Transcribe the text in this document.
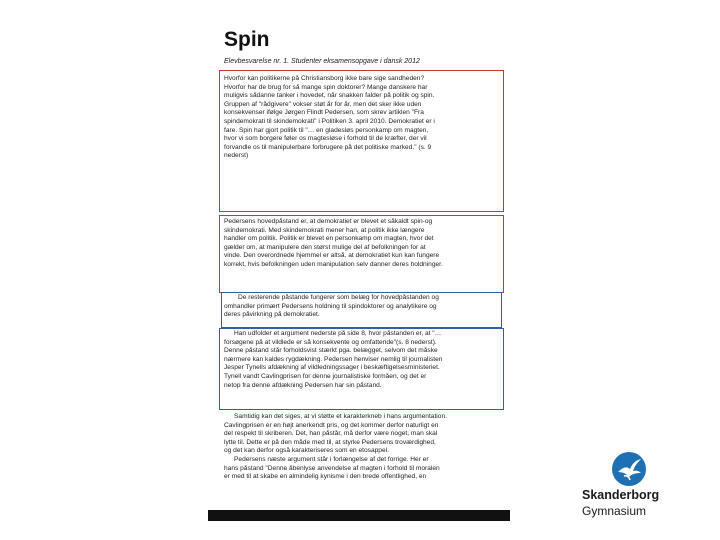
Spin
Elevbesvarelse nr. 1. Studenter eksamensopgave i dansk 2012
Hvorfor kan politikerne på Christiansborg ikke bare sige sandheden?
Hvorfor har de brug for så mange spin doktorer? Mange danskere har
muligvis sådanne tanker i hovedet, når snakken falder på politik og spin.
Gruppen af "rådgivere" vokser støt år for år, men det sker ikke uden
konsekvenser ifølge Jørgen Flindt Pedersen, som skrev artiklen "Fra
spindemokrati til skindemokrati" i Politiken 3. april 2010. Demokratiet er i
fare. Spin har gjort politik til "… en gladesløs personkamp om magten,
hvor vi som borgere føler os magtesløse i forhold til de kræfter, der vil
forvandle os til manipulerbare forbrugere på det politiske marked." (s. 9
nederst)
Pedersens hovedpåstand er, at demokratiet er blevet et såkaldt spin-og
skindemokrati. Med skindemokrati mener han, at politik ikke længere
handler om politik. Politik er blevet en personkamp om magten, hvor det
gælder om, at manipulere den størst mulige del af befolkningen for at
vinde. Den overordnede hjemmel er altså, at demokratiet kun kan fungere
korrekt, hvis befolkningen uden manipulation selv danner deres holdninger.
De resterende påstande fungerer som belæg for hovedpåstanden og
omhandler primært Pedersens holdning til spindoktorer og analytikere og
deres påvirkning på demokratiet.
Han udfolder et argument nederste på side 8, hvor påstanden er, at "…
forsøgene på at vildlede er så konsekvente og omfattende"(s. 8 nederst).
Denne påstand står forholdsvist stærkt pga. belægget, selvom det måske
nærmere kan kaldes rygdækning. Pedersen henviser nemlig til journalisten
Jesper Tynells afdækning af vildledningssager i beskæftigelsesministeriet.
Tynell vandt Cavlingprisen for denne journalistiske formåen, og det er
netop fra denne afdækning Pedersen har sin påstand.
Samtidig kan det siges, at vi støtte et karakterkneb i hans argumentation.
Cavlingprisen er en højt anerkendt pris, og det kommer derfor naturligt en
del respekt til skriberen. Det, han påstår, må derfor være noget, man skal
lytte til. Dette er på den måde med til, at styrke Pedersens troværdighed,
og det kan derfor også karakteriseres som en etosappel.
Pedersens næste argument står i forlængelse af det forrige. Her er
hans påstand "Denne åbenlyse anvendelse af magten i forhold til moralen
er med til at skabe en almindelig kynisme i den brede offentlighed, en
Skanderborg
Gymnasium
